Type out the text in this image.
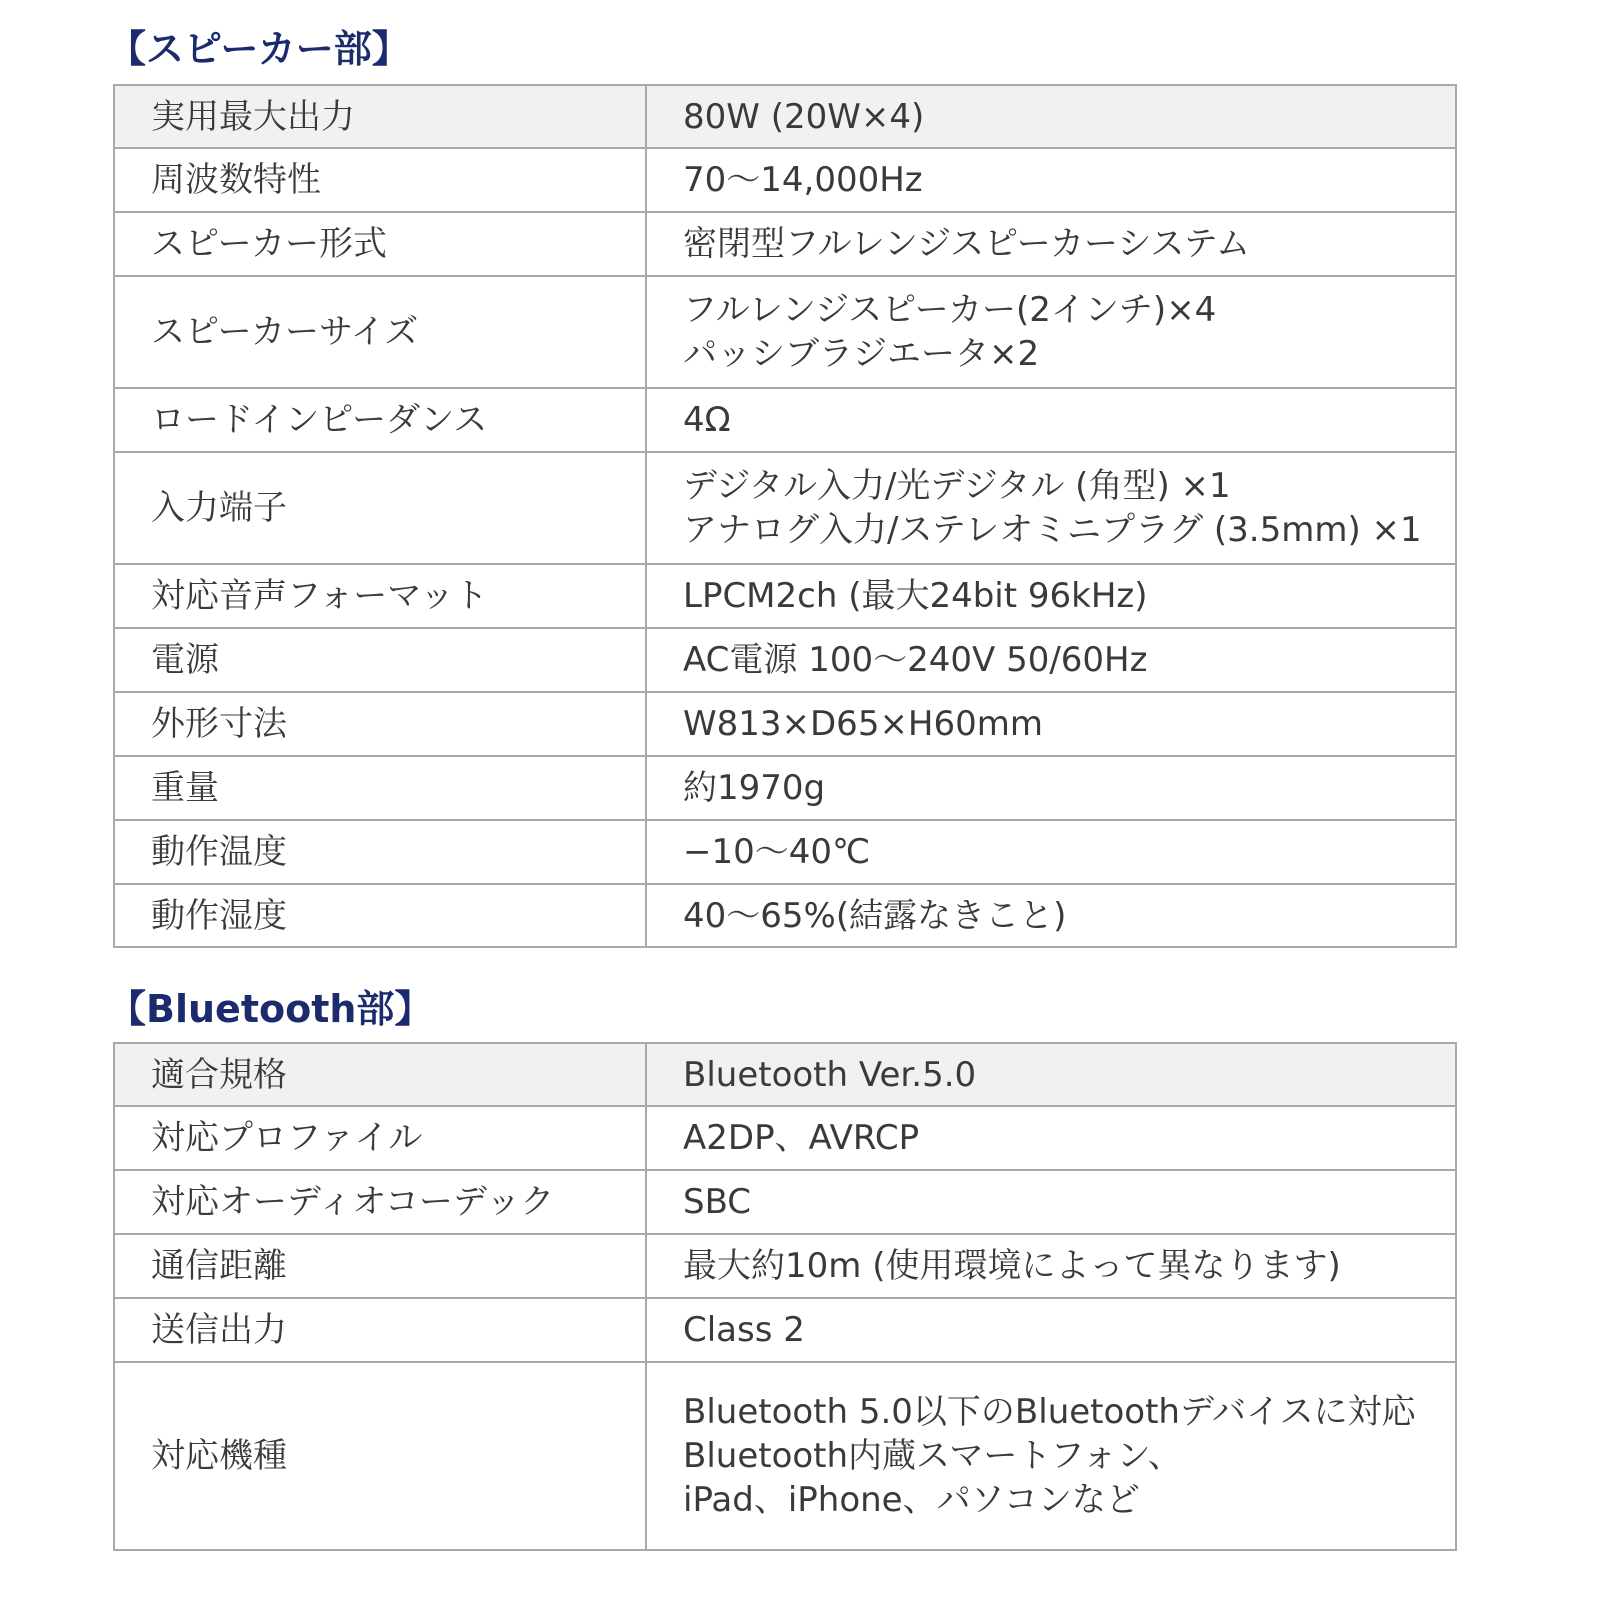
【スピーカー部】
実用最大出力	80W (20W×4)

周波数特性	70〜14,000Hz

スピーカー形式	密閉型フルレンジスピーカーシステム

スピーカーサイズ	フルレンジスピーカー(2インチ)×4
パッシブラジエータ×2

ロードインピーダンス	4Ω

入力端子	デジタル入力/光デジタル (角型) ×1
アナログ入力/ステレオミニプラグ (3.5mm) ×1

対応音声フォーマット	LPCM2ch (最大24bit 96kHz)

電源	AC電源 100〜240V 50/60Hz

外形寸法	W813×D65×H60mm

重量	約1970g

動作温度	−10〜40℃

動作湿度	40〜65%(結露なきこと)
【Bluetooth部】
適合規格	Bluetooth Ver.5.0

対応プロファイル	A2DP、AVRCP

対応オーディオコーデック	SBC

通信距離	最大約10m (使用環境によって異なります)

送信出力	Class 2

対応機種	Bluetooth 5.0以下のBluetoothデバイスに対応
Bluetooth内蔵スマートフォン、
iPad、iPhone、パソコンなど
